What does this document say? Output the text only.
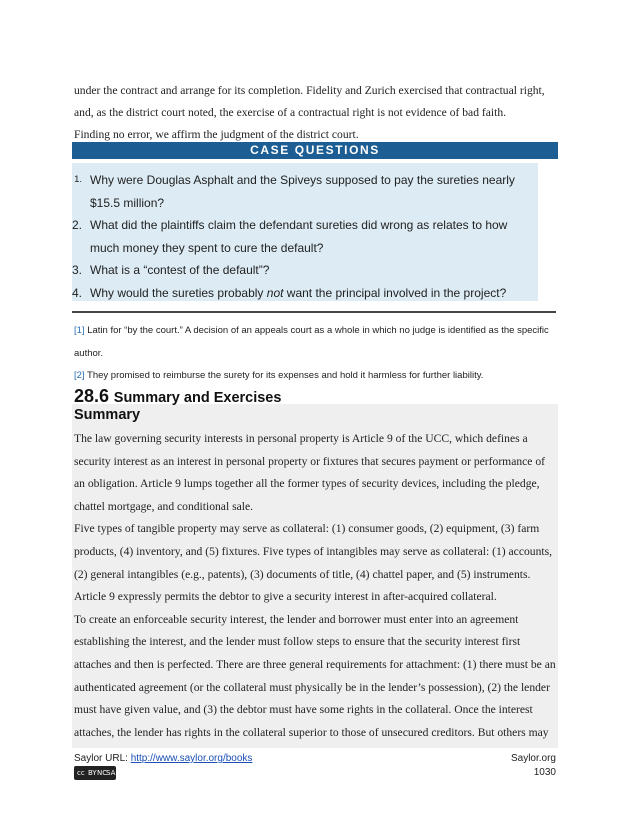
under the contract and arrange for its completion. Fidelity and Zurich exercised that contractual right,
and, as the district court noted, the exercise of a contractual right is not evidence of bad faith.
Finding no error, we affirm the judgment of the district court.
CASE QUESTIONS
1. Why were Douglas Asphalt and the Spiveys supposed to pay the sureties nearly $15.5 million?
2. What did the plaintiffs claim the defendant sureties did wrong as relates to how much money they spent to cure the default?
3. What is a “contest of the default”?
4. Why would the sureties probably not want the principal involved in the project?
[1] Latin for “by the court.” A decision of an appeals court as a whole in which no judge is identified as the specific author.
[2] They promised to reimburse the surety for its expenses and hold it harmless for further liability.
28.6 Summary and Exercises
Summary

The law governing security interests in personal property is Article 9 of the UCC, which defines a security interest as an interest in personal property or fixtures that secures payment or performance of an obligation. Article 9 lumps together all the former types of security devices, including the pledge, chattel mortgage, and conditional sale.

Five types of tangible property may serve as collateral: (1) consumer goods, (2) equipment, (3) farm products, (4) inventory, and (5) fixtures. Five types of intangibles may serve as collateral: (1) accounts, (2) general intangibles (e.g., patents), (3) documents of title, (4) chattel paper, and (5) instruments. Article 9 expressly permits the debtor to give a security interest in after-acquired collateral.

To create an enforceable security interest, the lender and borrower must enter into an agreement establishing the interest, and the lender must follow steps to ensure that the security interest first attaches and then is perfected. There are three general requirements for attachment: (1) there must be an authenticated agreement (or the collateral must physically be in the lender’s possession), (2) the lender must have given value, and (3) the debtor must have some rights in the collateral. Once the interest attaches, the lender has rights in the collateral superior to those of unsecured creditors. But others may

Saylor URL: http://www.saylor.org/books
cc BY NC
SA
Saylor.org
1030
